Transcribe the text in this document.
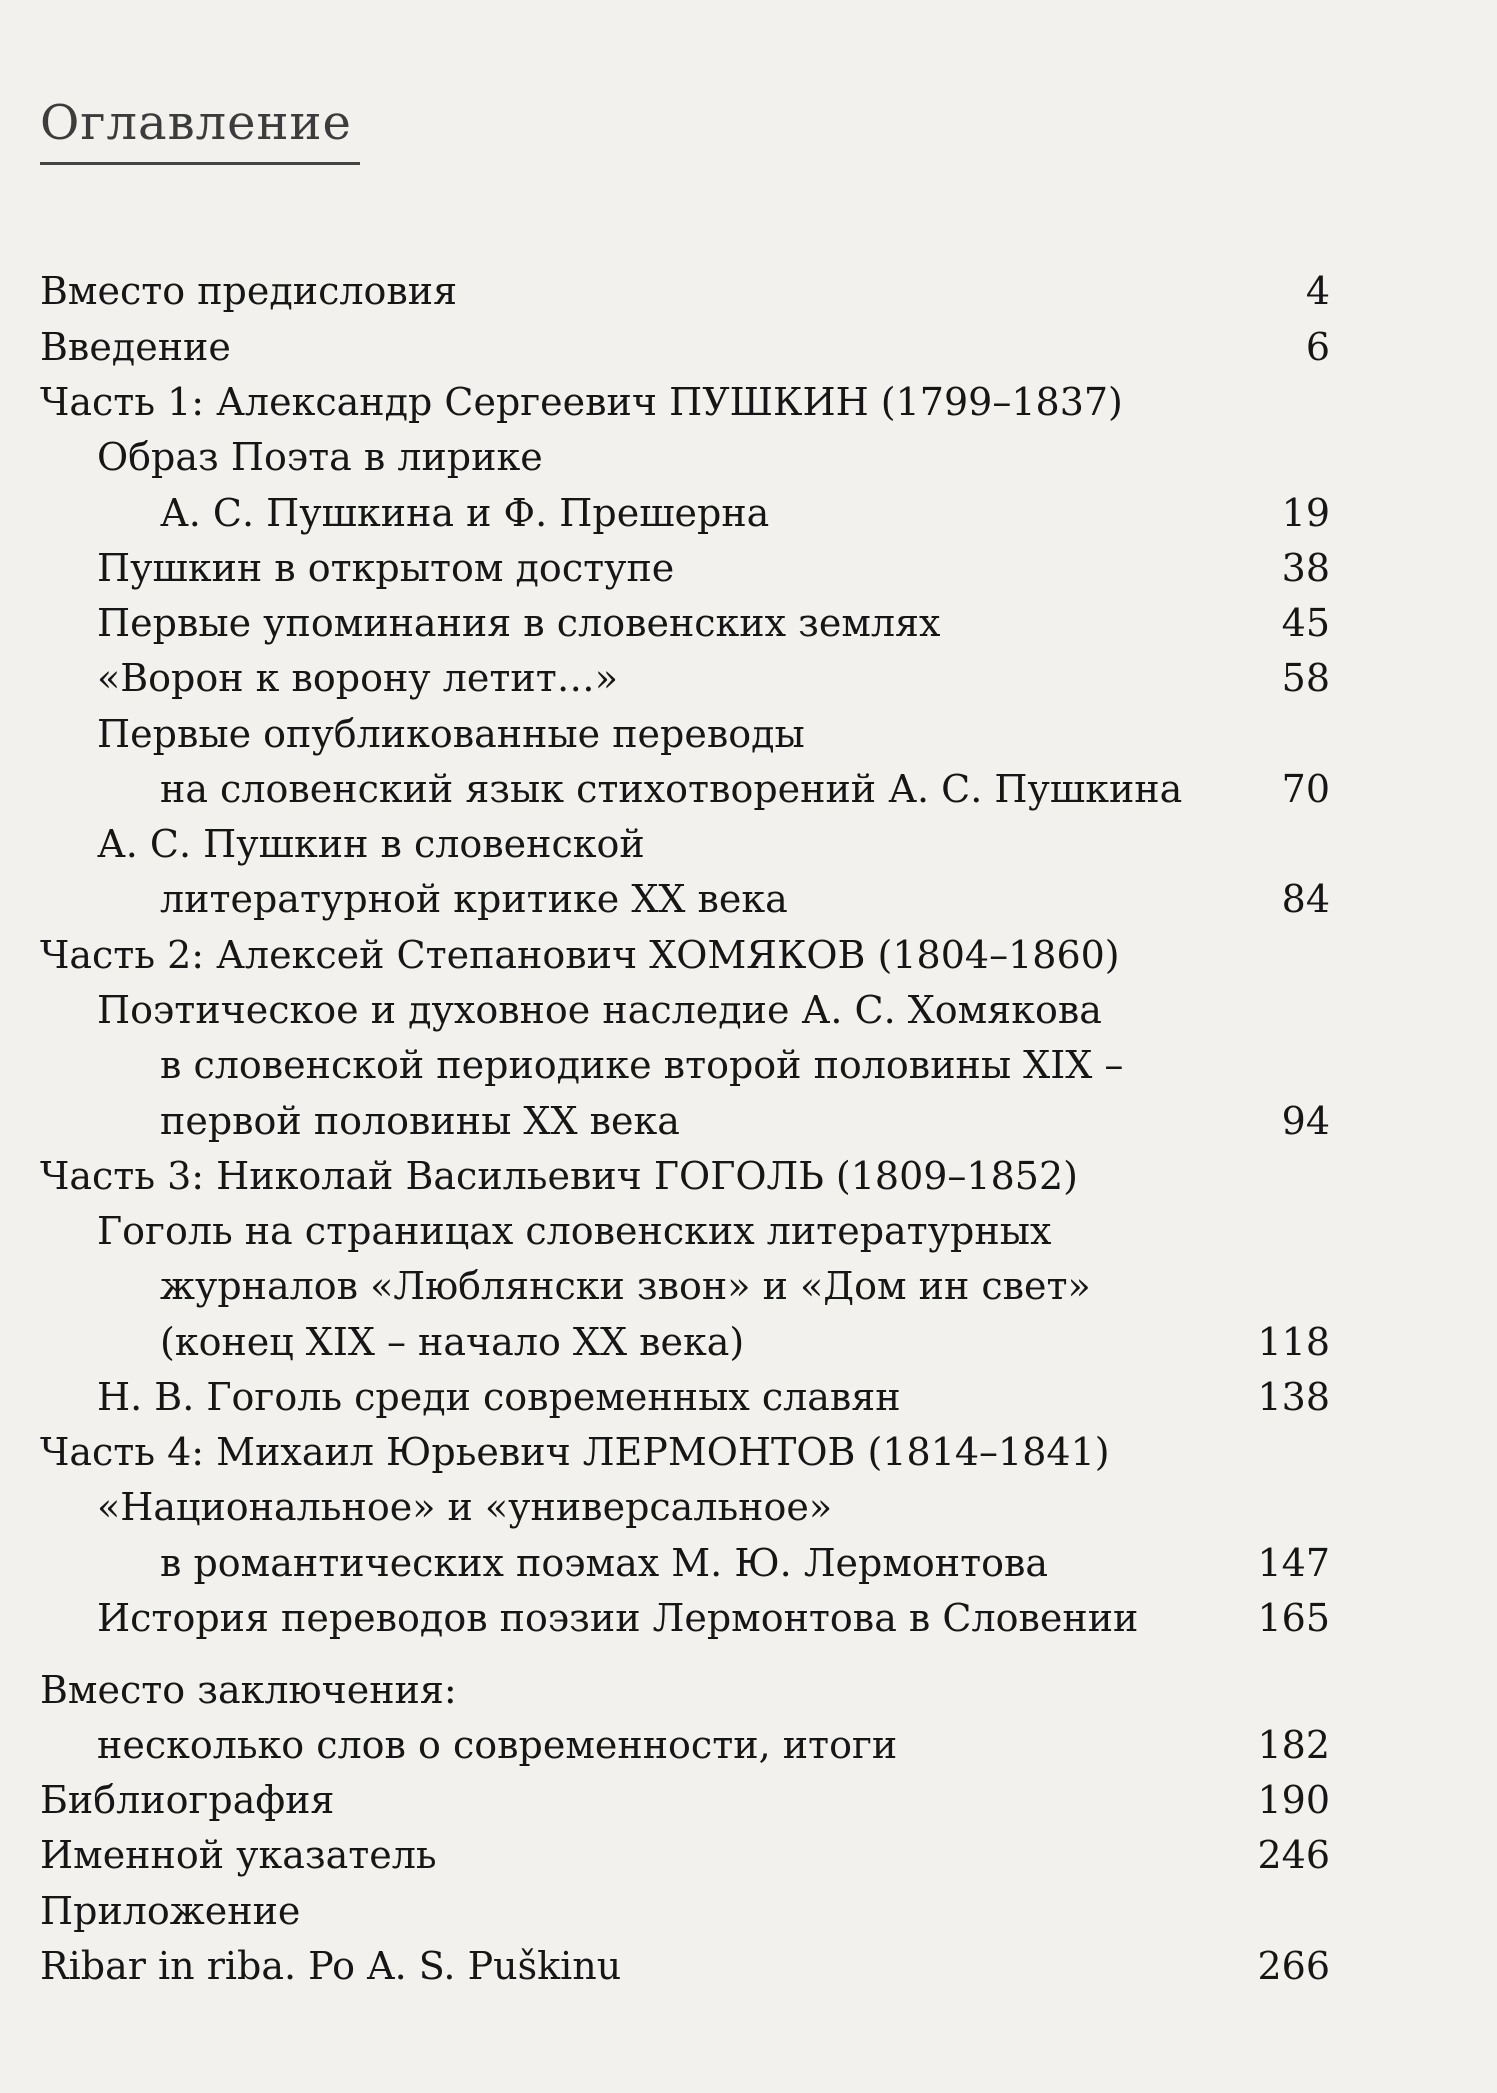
Оглавление
Вместо предисловия	4
Введение	6
Часть 1: Александр Сергеевич ПУШКИН (1799–1837)
Образ Поэта в лирике
А. С. Пушкина и Ф. Прешерна	19
Пушкин в открытом доступе	38
Первые упоминания в словенских землях	45
«Ворон к ворону летит…»	58
Первые опубликованные переводы
на словенский язык стихотворений А. С. Пушкина	70
А. С. Пушкин в словенской
литературной критике XX века	84
Часть 2: Алексей Степанович ХОМЯКОВ (1804–1860)
Поэтическое и духовное наследие А. С. Хомякова
в словенской периодике второй половины XIX –
первой половины XX века	94
Часть 3: Николай Васильевич ГОГОЛЬ (1809–1852)
Гоголь на страницах словенских литературных
журналов «Люблянски звон» и «Дом ин свет»
(конец XIX – начало XX века)	118
Н. В. Гоголь среди современных славян	138
Часть 4: Михаил Юрьевич ЛЕРМОНТОВ (1814–1841)
«Национальное» и «универсальное»
в романтических поэмах М. Ю. Лермонтова	147
История переводов поэзии Лермонтова в Словении	165
Вместо заключения:
несколько слов о современности, итоги	182
Библиография	190
Именной указатель	246
Приложение
Ribar in riba. Po A. S. Puškinu	266
